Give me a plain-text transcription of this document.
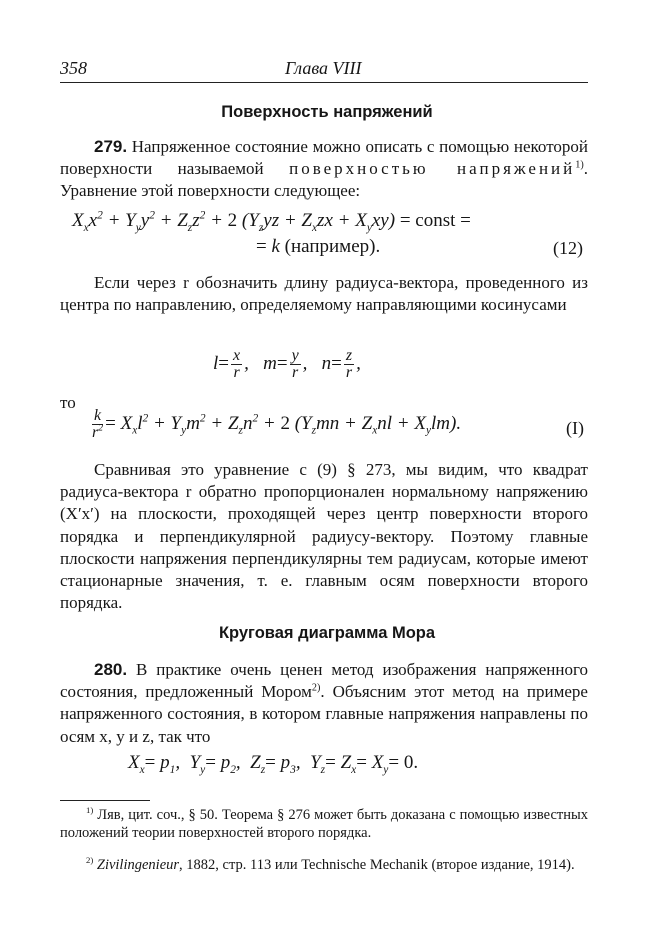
358	Глава VIII
Поверхность напряжений
279. Напряженное состояние можно описать с помощью некоторой поверхности называемой поверхностью напряжений$^{1)}$. Уравнение этой поверхности следующее:
$X_xx^2 + Y_yy^2 + Z_zz^2 + 2$ $(Y_zyz + Z_xzx + X_yxy)$ = const =
= k (например).	(12)
Если через r обозначить длину радиуса-вектора, проведенного из центра по направлению, определяемому направляющими косинусами
$l= \frac{x}{r}$ ,   $m= \frac{y}{r}$ ,   $n= \frac{z}{r}$ ,
то
$\frac{k}{r^2} = X_xl^2 + Y_ym^2 + Z_zn^2 + 2$ $(Y_zmn + Z_xnl + X_ylm)$.	(I)
Сравнивая это уравнение с (9) § 273, мы видим, что квадрат радиуса-вектора r обратно пропорционален нормальному напряжению (X′x′) на плоскости, проходящей через центр поверхности второго порядка и перпендикулярной радиусу-вектору. Поэтому главные плоскости напряжения перпендикулярны тем радиусам, которые имеют стационарные значения, т. е. главным осям поверхности второго порядка.
Круговая диаграмма Мора
280. В практике очень ценен метод изображения напряженного состояния, предложенный Мором$^{2)}$. Объясним этот метод на примере напряженного состояния, в котором главные напряжения направлены по осям x, y и z, так что
$X_x= p_1$,  $Y_y= p_2$,  $Z_z= p_3$,  $Y_z= Z_x= X_y= 0$.
$^{1)}$ Ляв, цит. соч., § 50. Теорема § 276 может быть доказана с помощью известных положений теории поверхностей второго порядка.
$^{2)}$ Zivilingenieur, 1882, стр. 113 или Technische Mechanik (второе издание, 1914).
